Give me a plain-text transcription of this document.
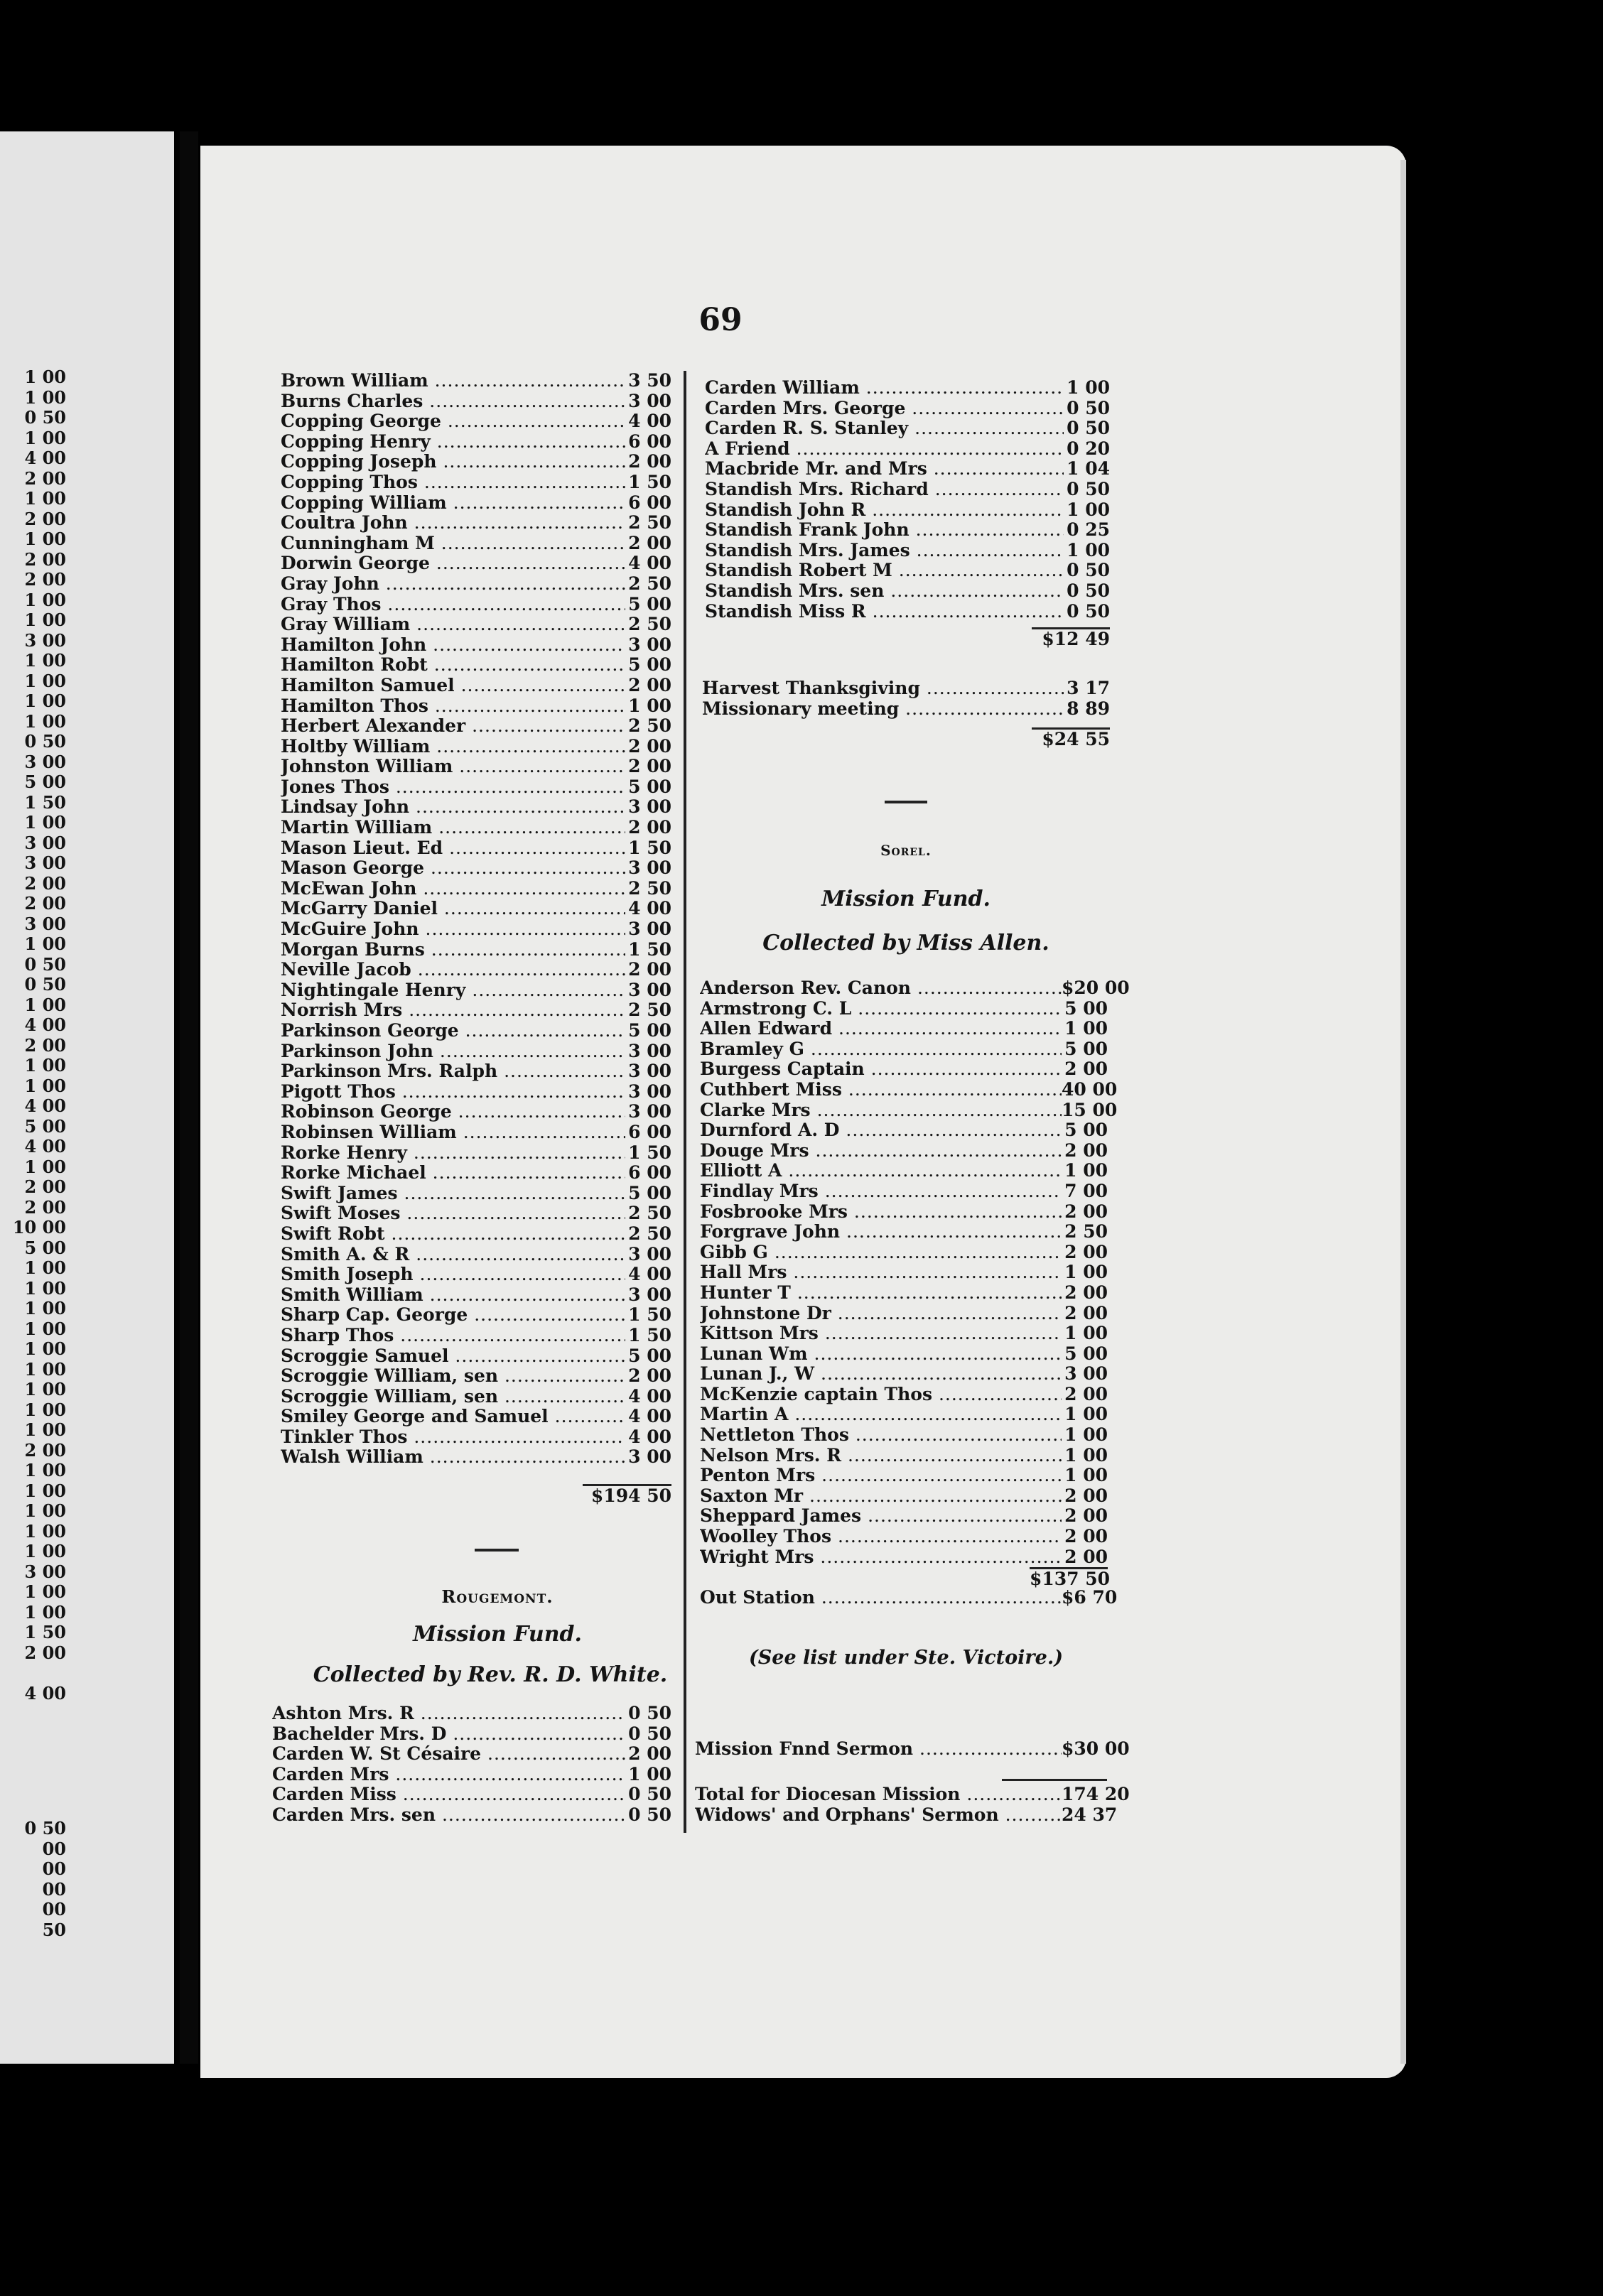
1 00
1 00
0 50
1 00
4 00
2 00
1 00
2 00
1 00
2 00
2 00
1 00
1 00
3 00
1 00
1 00
1 00
1 00
0 50
3 00
5 00
1 50
1 00
3 00
3 00
2 00
2 00
3 00
1 00
0 50
0 50
1 00
4 00
2 00
1 00
1 00
4 00
5 00
4 00
1 00
2 00
2 00
10 00
5 00
1 00
1 00
1 00
1 00
1 00
1 00
1 00
1 00
1 00
2 00
1 00
1 00
1 00
1 00
1 00
3 00
1 00
1 00
1 50
2 00
4 00
0 50
00
00
00
00
50
69
Brown William .....	3 50
Burns Charles .....	3 00
Copping George .....	4 00
Copping Henry .....	6 00
Copping Joseph .....	2 00
Copping Thos .....	1 50
Copping William .....	6 00
Coultra John .....	2 50
Cunningham M .....	2 00
Dorwin George .....	4 00
Gray John .....	2 50
Gray Thos .....	5 00
Gray William .....	2 50
Hamilton John .....	3 00
Hamilton Robt .....	5 00
Hamilton Samuel .....	2 00
Hamilton Thos .....	1 00
Herbert Alexander .....	2 50
Holtby William .....	2 00
Johnston William .....	2 00
Jones Thos .....	5 00
Lindsay John .....	3 00
Martin William .....	2 00
Mason Lieut. Ed .....	1 50
Mason George .....	3 00
McEwan John .....	2 50
McGarry Daniel .....	4 00
McGuire John .....	3 00
Morgan Burns .....	1 50
Neville Jacob .....	2 00
Nightingale Henry .....	3 00
Norrish Mrs .....	2 50
Parkinson George .....	5 00
Parkinson John .....	3 00
Parkinson Mrs. Ralph .....	3 00
Pigott Thos .....	3 00
Robinson George .....	3 00
Robinsen William .....	6 00
Rorke Henry .....	1 50
Rorke Michael .....	6 00
Swift James .....	5 00
Swift Moses .....	2 50
Swift Robt .....	2 50
Smith A. & R .....	3 00
Smith Joseph .....	4 00
Smith William .....	3 00
Sharp Cap. George .....	1 50
Sharp Thos .....	1 50
Scroggie Samuel .....	5 00
Scroggie William, sen .....	2 00
Scroggie William, sen .....	4 00
Smiley George and Samuel .....	4 00
Tinkler Thos .....	4 00
Walsh William .....	3 00
$194 50
Rougemont.
Mission Fund.
Collected by Rev. R. D. White.
Ashton Mrs. R .....	0 50
Bachelder Mrs. D .....	0 50
Carden W. St Césaire .....	2 00
Carden Mrs .....	1 00
Carden Miss .....	0 50
Carden Mrs. sen .....	0 50
Carden William .....	1 00
Carden Mrs. George .....	0 50
Carden R. S. Stanley .....	0 50
A Friend .....	0 20
Macbride Mr. and Mrs .....	1 04
Standish Mrs. Richard .....	0 50
Standish John R .....	1 00
Standish Frank John .....	0 25
Standish Mrs. James .....	1 00
Standish Robert M .....	0 50
Standish Mrs. sen .....	0 50
Standish Miss R .....	0 50
$12 49
Harvest Thanksgiving .....	3 17
Missionary meeting .....	8 89
$24 55
Sorel.
Mission Fund.
Collected by Miss Allen.
Anderson Rev. Canon .....	$20 00
Armstrong C. L .....	5 00
Allen Edward .....	1 00
Bramley G .....	5 00
Burgess Captain .....	2 00
Cuthbert Miss .....	40 00
Clarke Mrs .....	15 00
Durnford A. D .....	5 00
Douge Mrs .....	2 00
Elliott A .....	1 00
Findlay Mrs .....	7 00
Fosbrooke Mrs .....	2 00
Forgrave John .....	2 50
Gibb G .....	2 00
Hall Mrs .....	1 00
Hunter T .....	2 00
Johnstone Dr .....	2 00
Kittson Mrs .....	1 00
Lunan Wm .....	5 00
Lunan J., W .....	3 00
McKenzie captain Thos .....	2 00
Martin A .....	1 00
Nettleton Thos .....	1 00
Nelson Mrs. R .....	1 00
Penton Mrs .....	1 00
Saxton Mr .....	2 00
Sheppard James .....	2 00
Woolley Thos .....	2 00
Wright Mrs .....	2 00
$137 50
Out Station .....	$6 70
(See list under Ste. Victoire.)
Mission Fnnd Sermon .....	$30 00
Total for Diocesan Mission .....	174 20
Widows' and Orphans' Sermon .....	24 37
